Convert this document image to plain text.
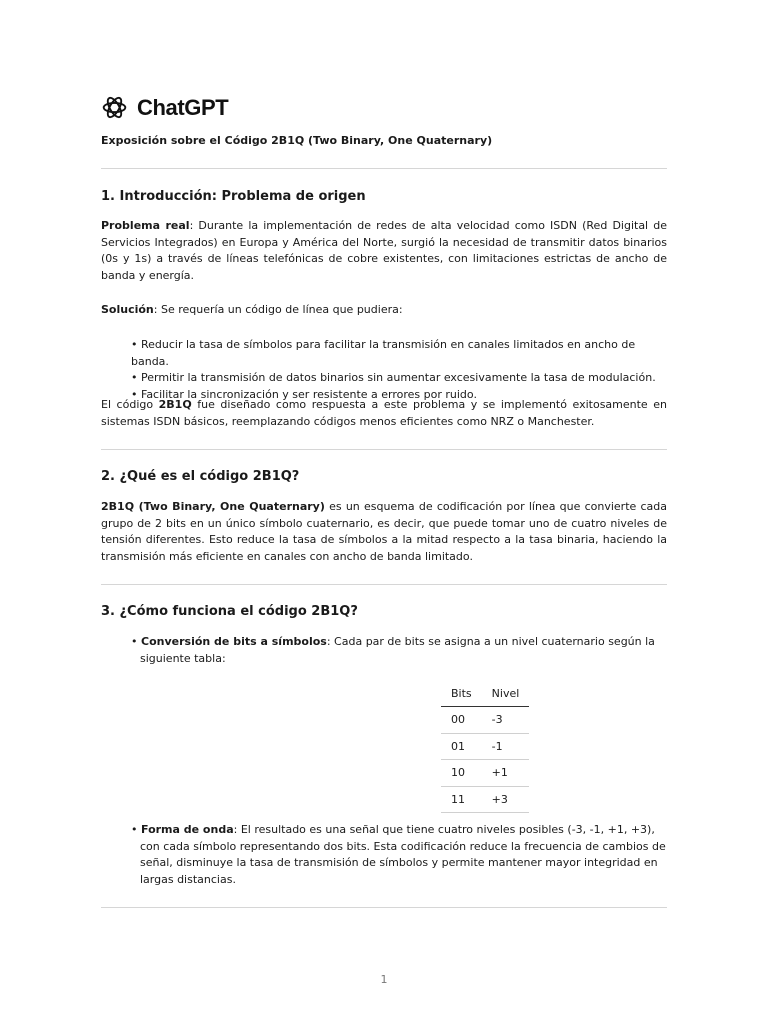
ChatGPT
Exposición sobre el Código 2B1Q (Two Binary, One Quaternary)
1. Introducción: Problema de origen

Problema real: Durante la implementación de redes de alta velocidad como ISDN (Red Digital de Servicios Integrados) en Europa y América del Norte, surgió la necesidad de transmitir datos binarios (0s y 1s) a través de líneas telefónicas de cobre existentes, con limitaciones estrictas de ancho de banda y energía.

Solución: Se requería un código de línea que pudiera:

• Reducir la tasa de símbolos para facilitar la transmisión en canales limitados en ancho de banda.
• Permitir la transmisión de datos binarios sin aumentar excesivamente la tasa de modulación.
• Facilitar la sincronización y ser resistente a errores por ruido.

El código 2B1Q fue diseñado como respuesta a este problema y se implementó exitosamente en sistemas ISDN básicos, reemplazando códigos menos eficientes como NRZ o Manchester.

2. ¿Qué es el código 2B1Q?

2B1Q (Two Binary, One Quaternary) es un esquema de codificación por línea que convierte cada grupo de 2 bits en un único símbolo cuaternario, es decir, que puede tomar uno de cuatro niveles de tensión diferentes. Esto reduce la tasa de símbolos a la mitad respecto a la tasa binaria, haciendo la transmisión más eficiente en canales con ancho de banda limitado.

3. ¿Cómo funciona el código 2B1Q?

• Conversión de bits a símbolos: Cada par de bits se asigna a un nivel cuaternario según la siguiente tabla:

Bits	Nivel
00	-3
01	-1
10	+1
11	+3

• Forma de onda: El resultado es una señal que tiene cuatro niveles posibles (-3, -1, +1, +3), con cada símbolo representando dos bits. Esta codificación reduce la frecuencia de cambios de señal, disminuye la tasa de transmisión de símbolos y permite mantener mayor integridad en largas distancias.

1
